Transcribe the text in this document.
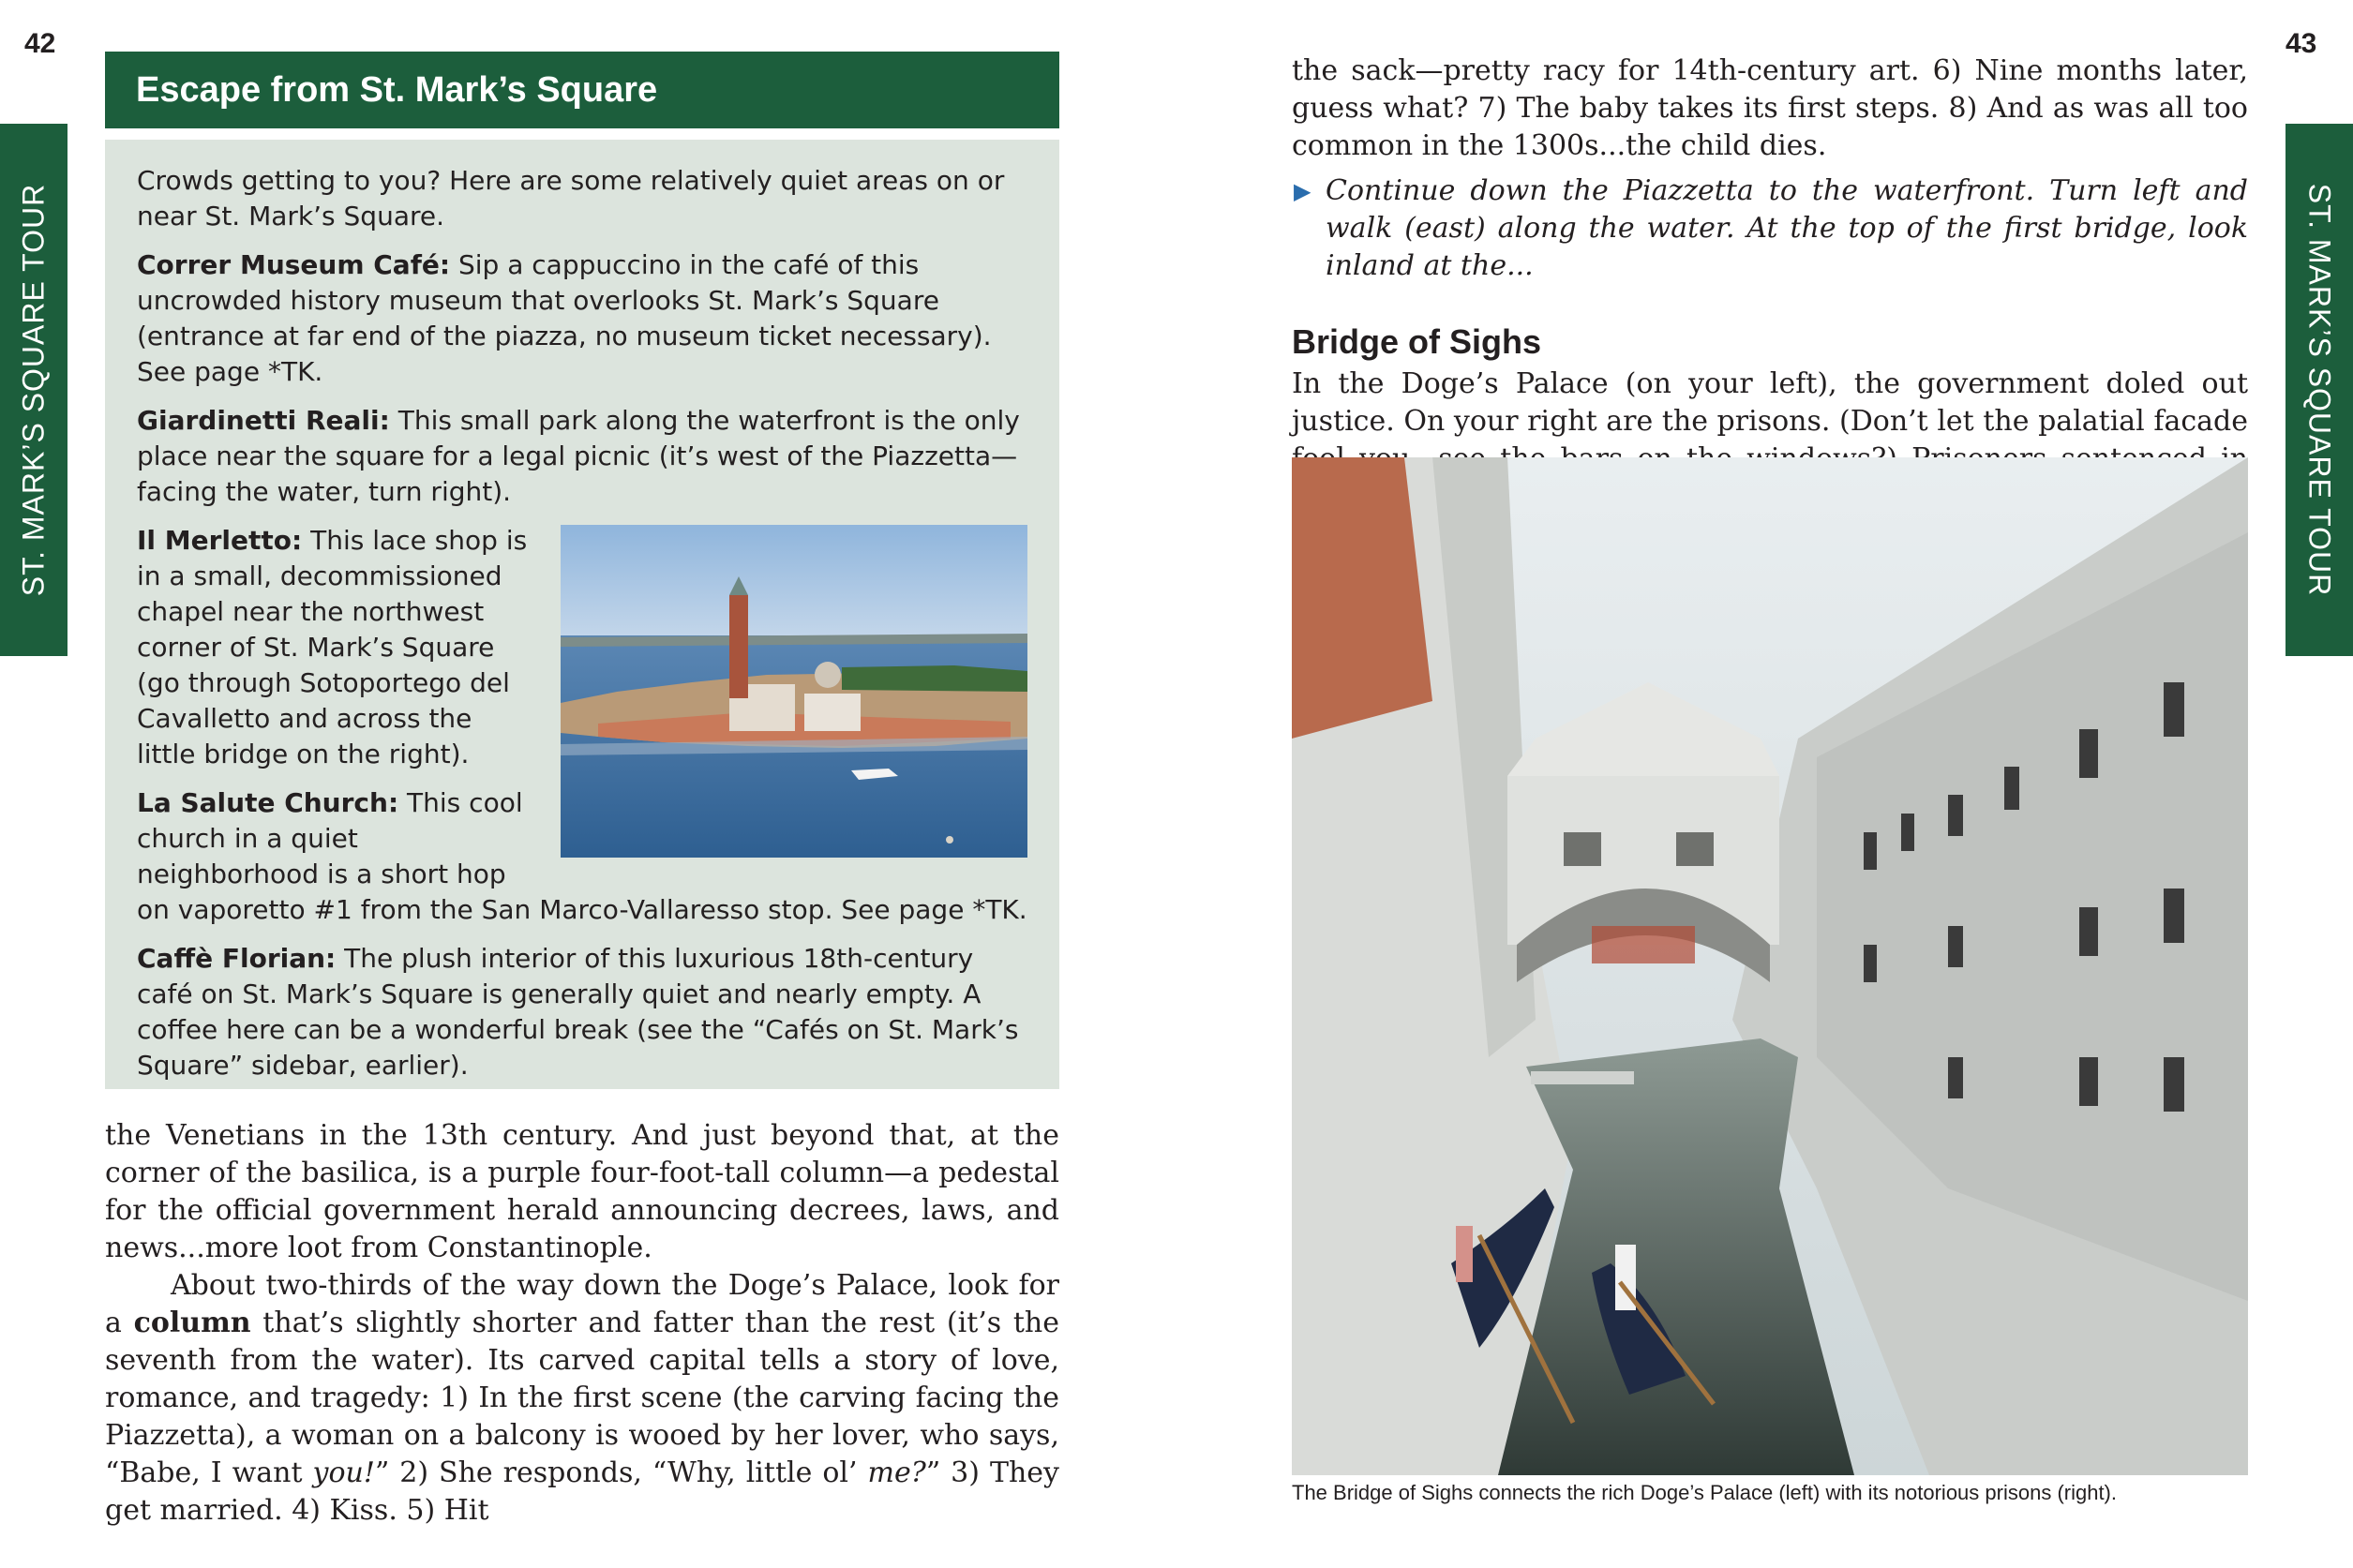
42	43
ST. MARK’S SQUARE TOUR	ST. MARK’S SQUARE TOUR
Escape from St. Mark’s Square

Crowds getting to you? Here are some relatively quiet areas on or near St. Mark’s Square.

Correr Museum Café: Sip a cappuccino in the café of this uncrowded history museum that overlooks St. Mark’s Square (entrance at far end of the piazza, no museum ticket necessary). See page *TK.

Giardinetti Reali: This small park along the waterfront is the only place near the square for a legal picnic (it’s west of the Piazzetta—facing the water, turn right).

Il Merletto: This lace shop is in a small, decommissioned chapel near the northwest corner of St. Mark’s Square (go through Sotoportego del Cavalletto and across the little bridge on the right).

La Salute Church: This cool church in a quiet neighborhood is a short hop on vaporetto #1 from the San Marco-Vallaresso stop. See page *TK.

Caffè Florian: The plush interior of this luxurious 18th-century café on St. Mark’s Square is generally quiet and nearly empty. A coffee here can be a wonderful break (see the “Cafés on St. Mark’s Square” sidebar, earlier).

the Venetians in the 13th century. And just beyond that, at the corner of the basilica, is a purple four-foot-tall column—a pedestal for the official government herald announcing decrees, laws, and news...more loot from Constantinople.

About two-thirds of the way down the Doge’s Palace, look for a column that’s slightly shorter and fatter than the rest (it’s the seventh from the water). Its carved capital tells a story of love, romance, and tragedy: 1) In the first scene (the carving facing the Piazzetta), a woman on a balcony is wooed by her lover, who says, “Babe, I want you!” 2) She responds, “Why, little ol’ me?” 3) They get married. 4) Kiss. 5) Hit

the sack—pretty racy for 14th-century art. 6) Nine months later, guess what? 7) The baby takes its first steps. 8) And as was all too common in the 1300s...the child dies.

▶ Continue down the Piazzetta to the waterfront. Turn left and walk (east) along the water. At the top of the first bridge, look inland at the...

Bridge of Sighs

In the Doge’s Palace (on your left), the government doled out justice. On your right are the prisons. (Don’t let the palatial facade

The Bridge of Sighs connects the rich Doge’s Palace (left) with its notorious prisons (right).
